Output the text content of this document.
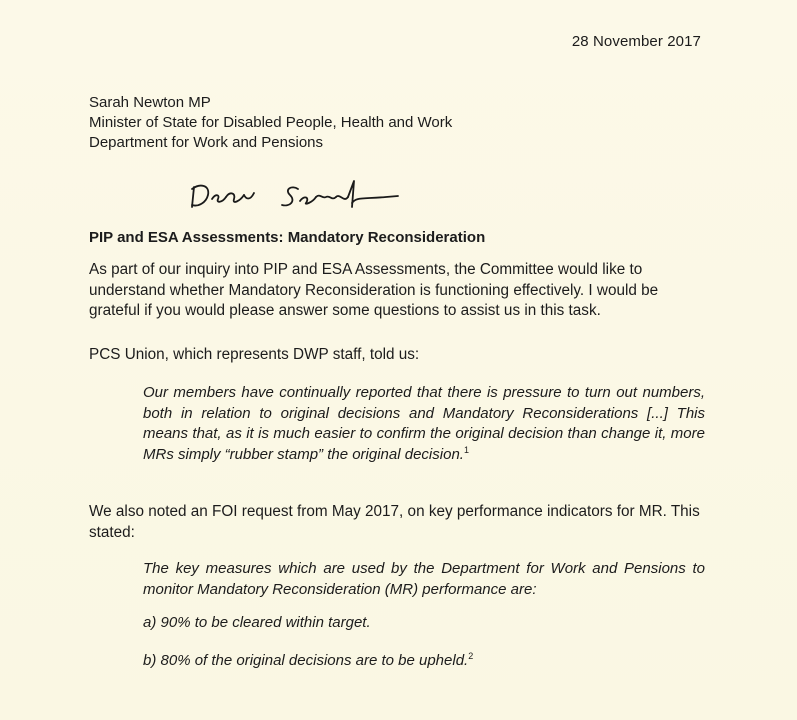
28 November 2017
Sarah Newton MP
Minister of State for Disabled People, Health and Work
Department for Work and Pensions
PIP and ESA Assessments: Mandatory Reconsideration
As part of our inquiry into PIP and ESA Assessments, the Committee would like to understand whether Mandatory Reconsideration is functioning effectively. I would be grateful if you would please answer some questions to assist us in this task.
PCS Union, which represents DWP staff, told us:
Our members have continually reported that there is pressure to turn out numbers, both in relation to original decisions and Mandatory Reconsiderations [...] This means that, as it is much easier to confirm the original decision than change it, more MRs simply “rubber stamp” the original decision.$^1$
We also noted an FOI request from May 2017, on key performance indicators for MR. This stated:
The key measures which are used by the Department for Work and Pensions to monitor Mandatory Reconsideration (MR) performance are:
a) 90% to be cleared within target.
b) 80% of the original decisions are to be upheld.$^2$
